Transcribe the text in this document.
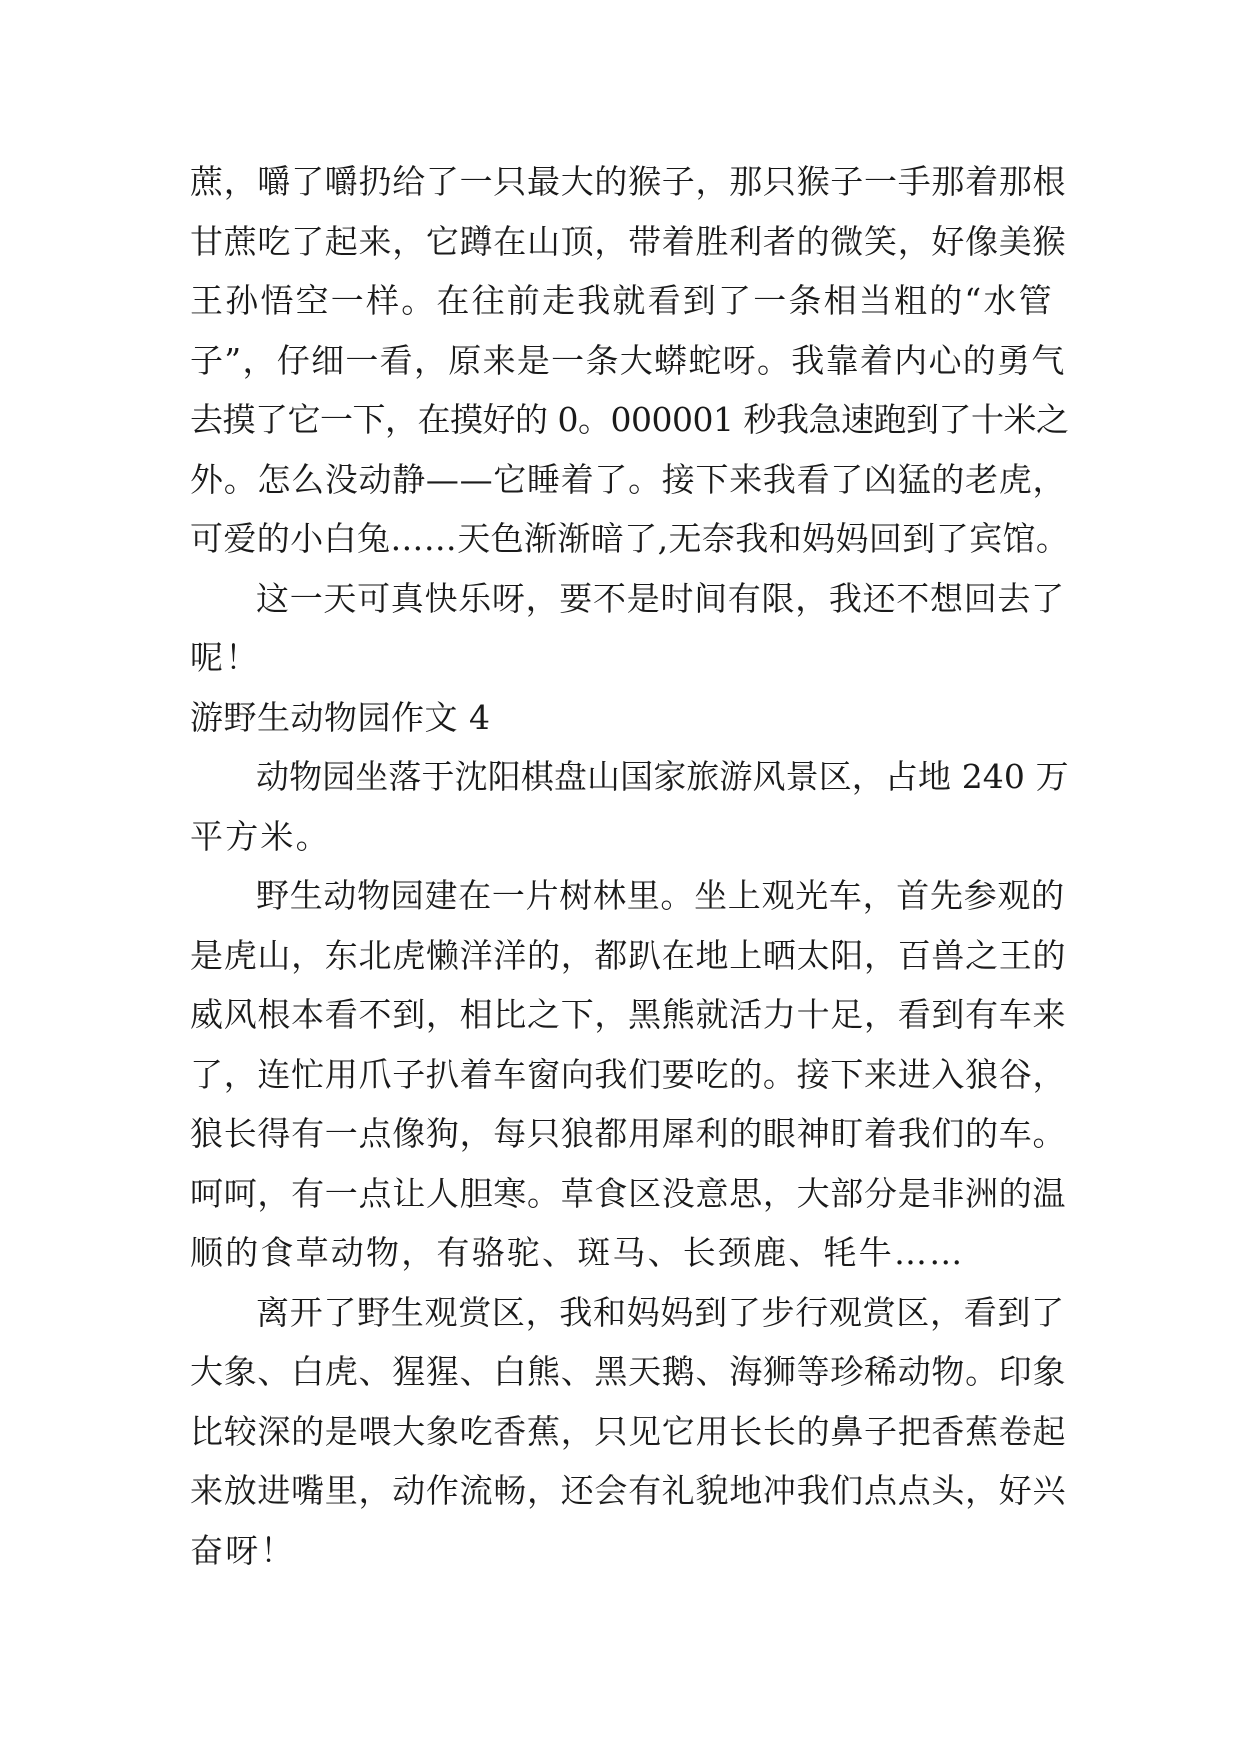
蔗，嚼了嚼扔给了一只最大的猴子，那只猴子一手那着那根
甘蔗吃了起来，它蹲在山顶，带着胜利者的微笑，好像美猴
王孙悟空一样。在往前走我就看到了一条相当粗的“水管
子”，仔细一看，原来是一条大蟒蛇呀。我靠着内心的勇气
去摸了它一下，在摸好的 0。000001 秒我急速跑到了十米之
外。怎么没动静——它睡着了。接下来我看了凶猛的老虎，
可爱的小白兔……天色渐渐暗了,无奈我和妈妈回到了宾馆。
这一天可真快乐呀，要不是时间有限，我还不想回去了
呢！
游野生动物园作文 4
动物园坐落于沈阳棋盘山国家旅游风景区，占地 240 万
平方米。
野生动物园建在一片树林里。坐上观光车，首先参观的
是虎山，东北虎懒洋洋的，都趴在地上晒太阳，百兽之王的
威风根本看不到，相比之下，黑熊就活力十足，看到有车来
了，连忙用爪子扒着车窗向我们要吃的。接下来进入狼谷，
狼长得有一点像狗，每只狼都用犀利的眼神盯着我们的车。
呵呵，有一点让人胆寒。草食区没意思，大部分是非洲的温
顺的食草动物，有骆驼、斑马、长颈鹿、牦牛……
离开了野生观赏区，我和妈妈到了步行观赏区，看到了
大象、白虎、猩猩、白熊、黑天鹅、海狮等珍稀动物。印象
比较深的是喂大象吃香蕉，只见它用长长的鼻子把香蕉卷起
来放进嘴里，动作流畅，还会有礼貌地冲我们点点头，好兴
奋呀！
